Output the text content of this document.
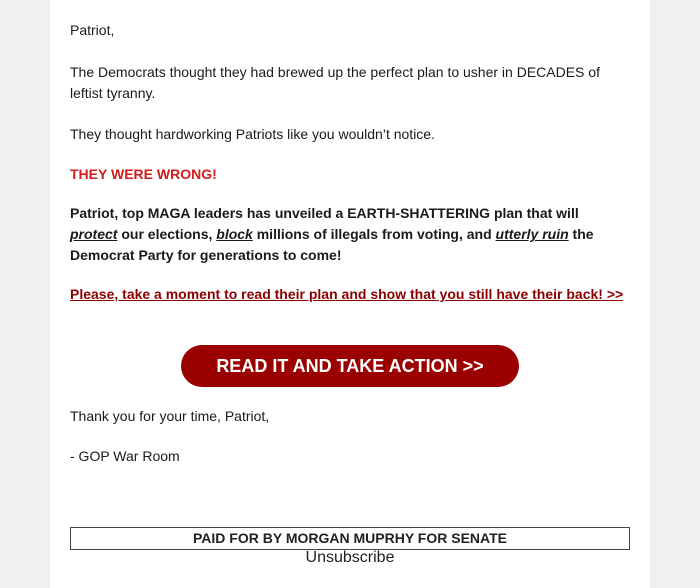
Patriot,

The Democrats thought they had brewed up the perfect plan to usher in DECADES of leftist tyranny.

They thought hardworking Patriots like you wouldn’t notice.

THEY WERE WRONG!

Patriot, top MAGA leaders has unveiled a EARTH-SHATTERING plan that will protect our elections, block millions of illegals from voting, and utterly ruin the Democrat Party for generations to come!

Please, take a moment to read their plan and show that you still have their back! >>

Thank you for your time, Patriot,

- GOP War Room

READ IT AND TAKE ACTION >>
PAID FOR BY MORGAN MUPRHY FOR SENATE
Unsubscribe
